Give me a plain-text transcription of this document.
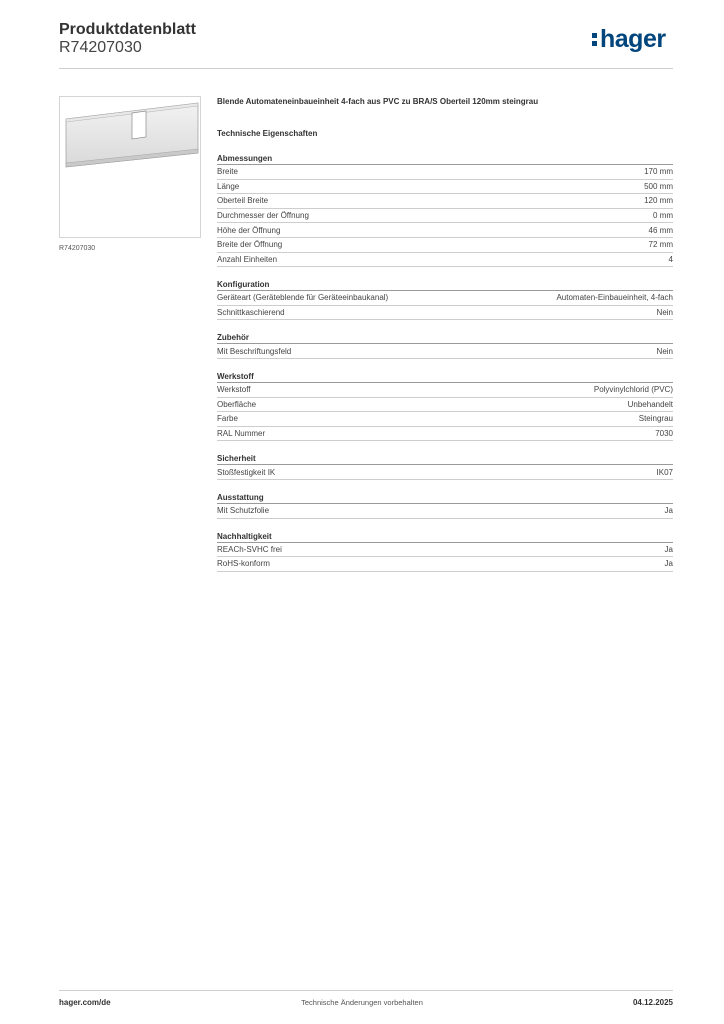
Produktdatenblatt
R74207030	hager
R74207030
Blende Automateneinbaueinheit 4-fach aus PVC zu BRA/S Oberteil 120mm steingrau
Technische Eigenschaften
Abmessungen
Breite	170 mm
Länge	500 mm
Oberteil Breite	120 mm
Durchmesser der Öffnung	0 mm
Höhe der Öffnung	46 mm
Breite der Öffnung	72 mm
Anzahl Einheiten	4
Konfiguration
Geräteart (Geräteblende für Geräteeinbaukanal)	Automaten-Einbaueinheit, 4-fach
Schnittkaschierend	Nein
Zubehör
Mit Beschriftungsfeld	Nein
Werkstoff
Werkstoff	Polyvinylchlorid (PVC)
Oberfläche	Unbehandelt
Farbe	Steingrau
RAL Nummer	7030
Sicherheit
Stoßfestigkeit IK	IK07
Ausstattung
Mit Schutzfolie	Ja
Nachhaltigkeit
REACh-SVHC frei	Ja
RoHS-konform	Ja
hager.com/de	Technische Änderungen vorbehalten	04.12.2025
